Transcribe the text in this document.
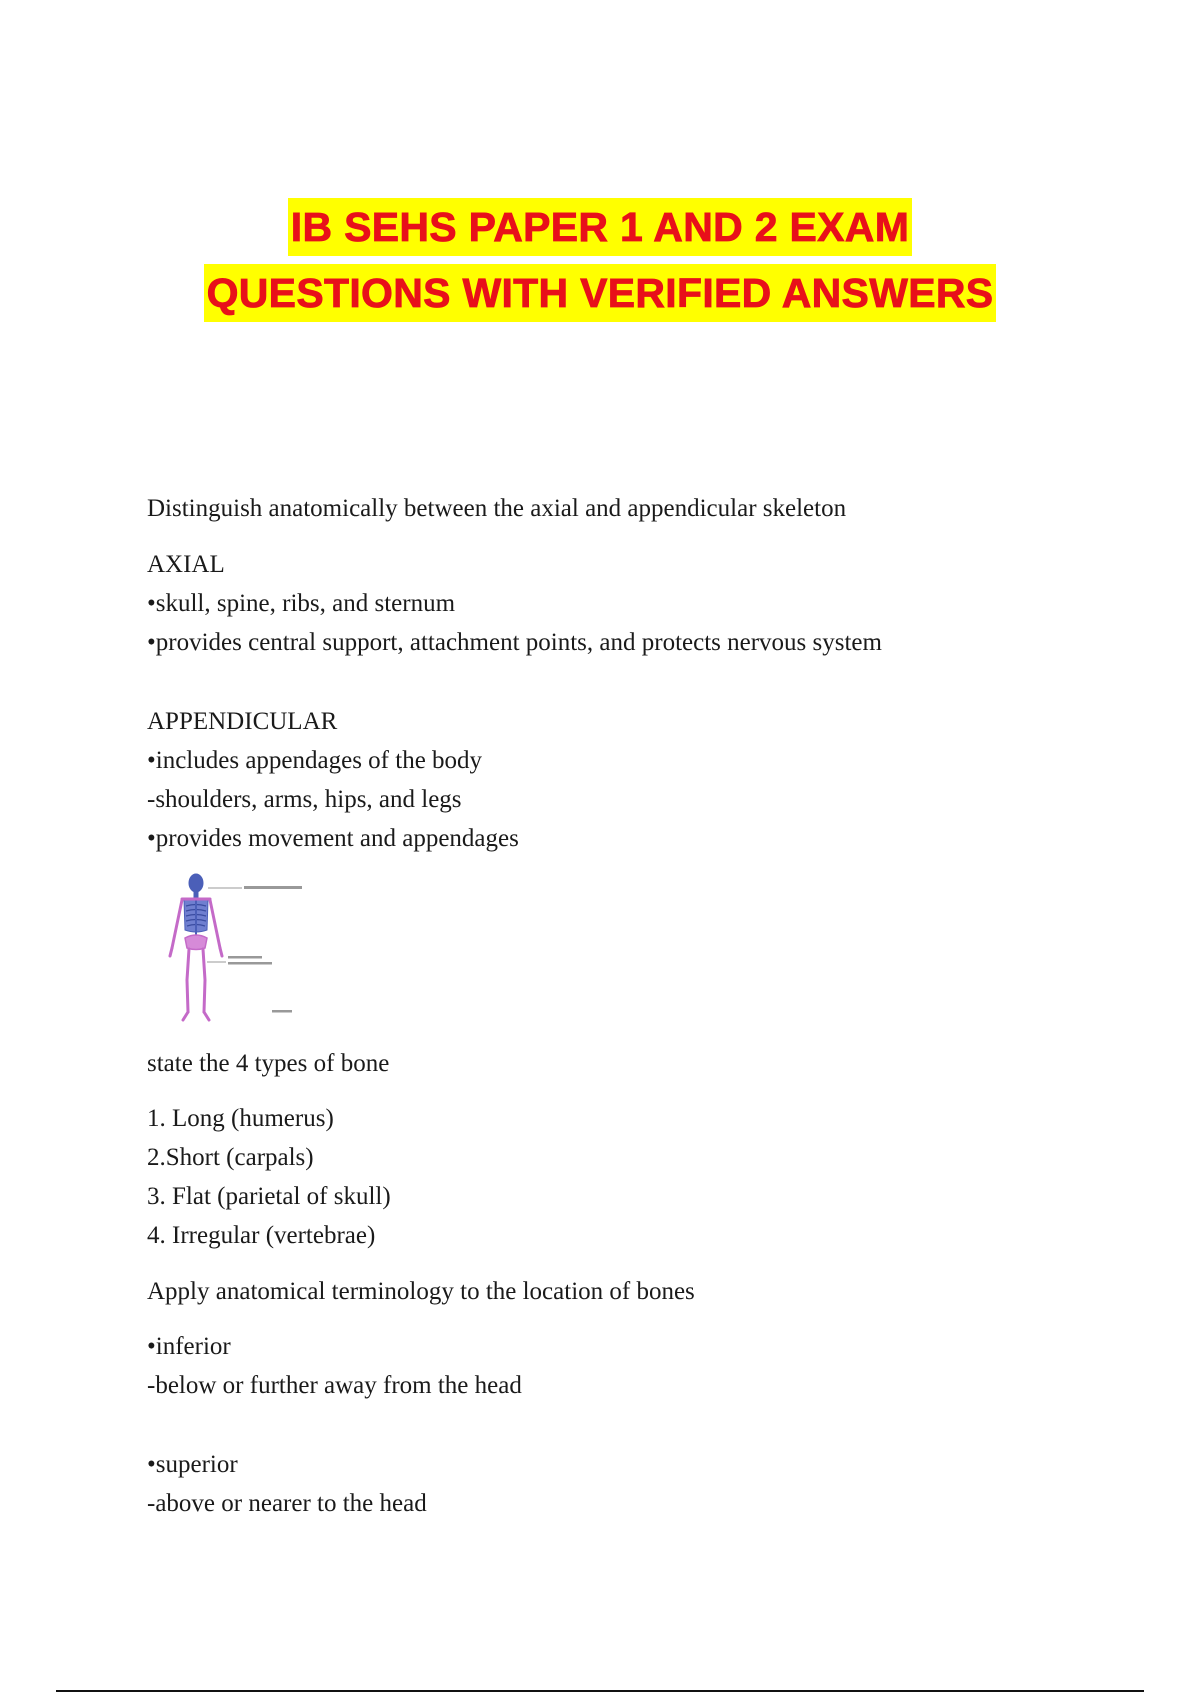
IB SEHS PAPER 1 AND 2 EXAM
QUESTIONS WITH VERIFIED ANSWERS
Distinguish anatomically between the axial and appendicular skeleton
AXIAL
•skull, spine, ribs, and sternum
•provides central support, attachment points, and protects nervous system
APPENDICULAR
•includes appendages of the body
-shoulders, arms, hips, and legs
•provides movement and appendages
state the 4 types of bone
1. Long (humerus)
2.Short (carpals)
3. Flat (parietal of skull)
4. Irregular (vertebrae)
Apply anatomical terminology to the location of bones
•inferior
-below or further away from the head
•superior
-above or nearer to the head
